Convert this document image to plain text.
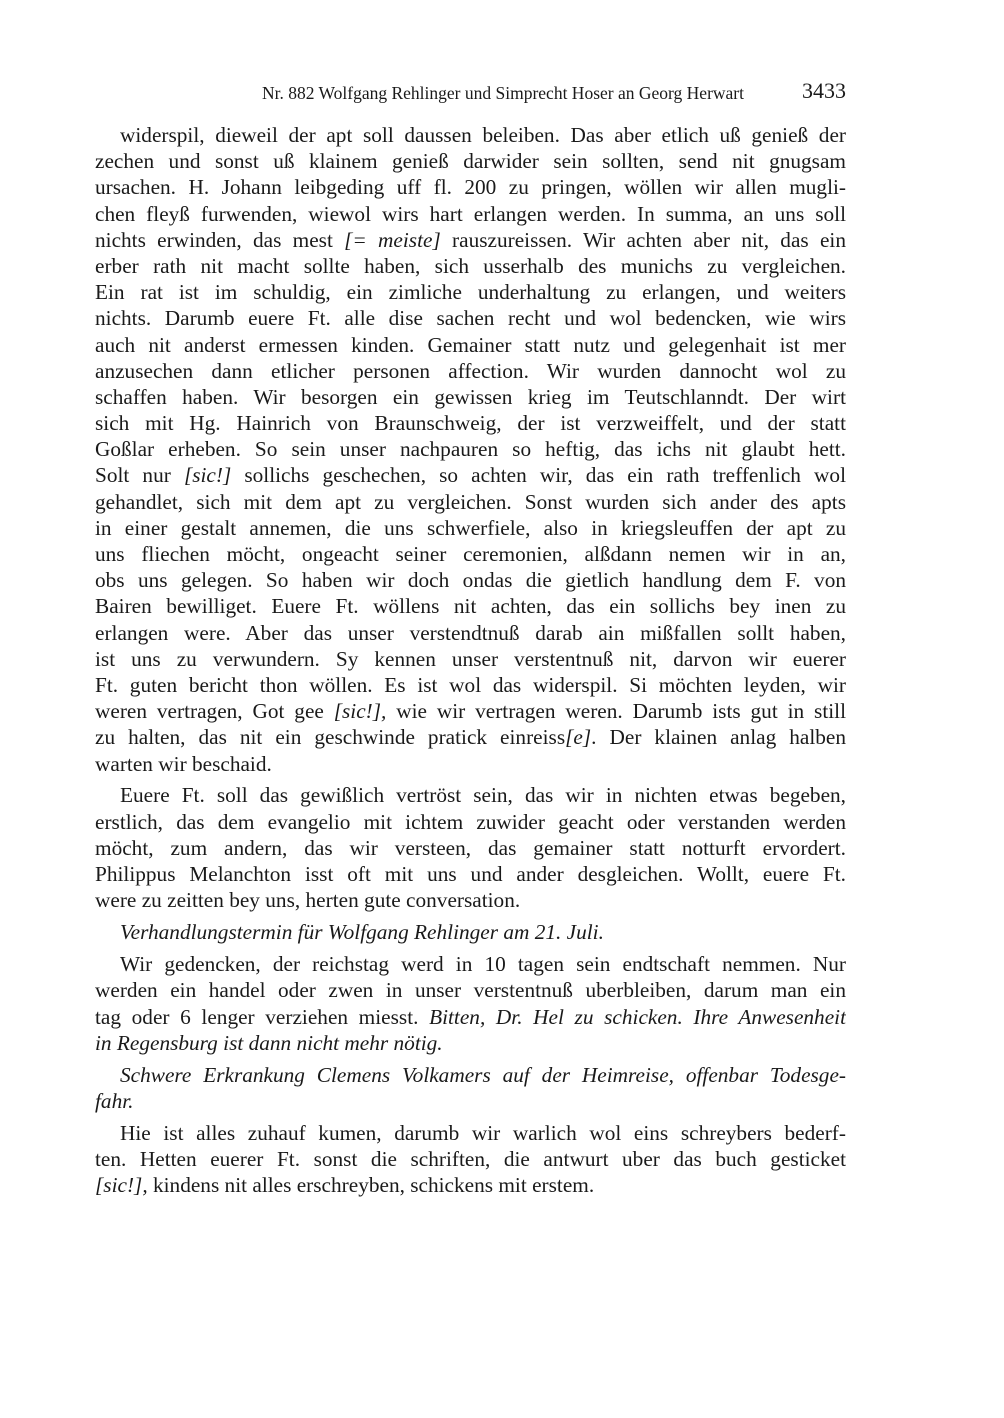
Nr. 882 Wolfgang Rehlinger und Simprecht Hoser an Georg Herwart	3433
widerspil, dieweil der apt soll daussen beleiben. Das aber etlich uß genieß der
zechen und sonst uß klainem genieß darwider sein sollten, send nit gnugsam
ursachen. H. Johann leibgeding uff fl. 200 zu pringen, wöllen wir allen mugli-
chen fleyß furwenden, wiewol wirs hart erlangen werden. In summa, an uns soll
nichts erwinden, das mest [= meiste] rauszureissen. Wir achten aber nit, das ein
erber rath nit macht sollte haben, sich usserhalb des munichs zu vergleichen.
Ein rat ist im schuldig, ein zimliche underhaltung zu erlangen, und weiters
nichts. Darumb euere Ft. alle dise sachen recht und wol bedencken, wie wirs
auch nit anderst ermessen kinden. Gemainer statt nutz und gelegenhait ist mer
anzusechen dann etlicher personen affection. Wir wurden dannocht wol zu
schaffen haben. Wir besorgen ein gewissen krieg im Teutschlanndt. Der wirt
sich mit Hg. Hainrich von Braunschweig, der ist verzweiffelt, und der statt
Goßlar erheben. So sein unser nachpauren so heftig, das ichs nit glaubt hett.
Solt nur [sic!] sollichs geschechen, so achten wir, das ein rath treffenlich wol
gehandlet, sich mit dem apt zu vergleichen. Sonst wurden sich ander des apts
in einer gestalt annemen, die uns schwerfiele, also in kriegsleuffen der apt zu
uns fliechen möcht, ongeacht seiner ceremonien, alßdann nemen wir in an,
obs uns gelegen. So haben wir doch ondas die gietlich handlung dem F. von
Bairen bewilliget. Euere Ft. wöllens nit achten, das ein sollichs bey inen zu
erlangen were. Aber das unser verstendtnuß darab ain mißfallen sollt haben,
ist uns zu verwundern. Sy kennen unser verstentnuß nit, darvon wir euerer
Ft. guten bericht thon wöllen. Es ist wol das widerspil. Si möchten leyden, wir
weren vertragen, Got gee [sic!], wie wir vertragen weren. Darumb ists gut in still
zu halten, das nit ein geschwinde pratick einreiss[e]. Der klainen anlag halben
warten wir beschaid.
Euere Ft. soll das gewißlich vertröst sein, das wir in nichten etwas begeben,
erstlich, das dem evangelio mit ichtem zuwider geacht oder verstanden werden
möcht, zum andern, das wir versteen, das gemainer statt notturft ervordert.
Philippus Melanchton isst oft mit uns und ander desgleichen. Wollt, euere Ft.
were zu zeitten bey uns, herten gute conversation.
Verhandlungstermin für Wolfgang Rehlinger am 21. Juli.
Wir gedencken, der reichstag werd in 10 tagen sein endtschaft nemmen. Nur
werden ein handel oder zwen in unser verstentnuß uberbleiben, darum man ein
tag oder 6 lenger verziehen miesst. Bitten, Dr. Hel zu schicken. Ihre Anwesenheit
in Regensburg ist dann nicht mehr nötig.
Schwere Erkrankung Clemens Volkamers auf der Heimreise, offenbar Todesge-
fahr.
Hie ist alles zuhauf kumen, darumb wir warlich wol eins schreybers bederf-
ten. Hetten euerer Ft. sonst die schriften, die antwurt uber das buch gesticket
[sic!], kindens nit alles erschreyben, schickens mit erstem.
